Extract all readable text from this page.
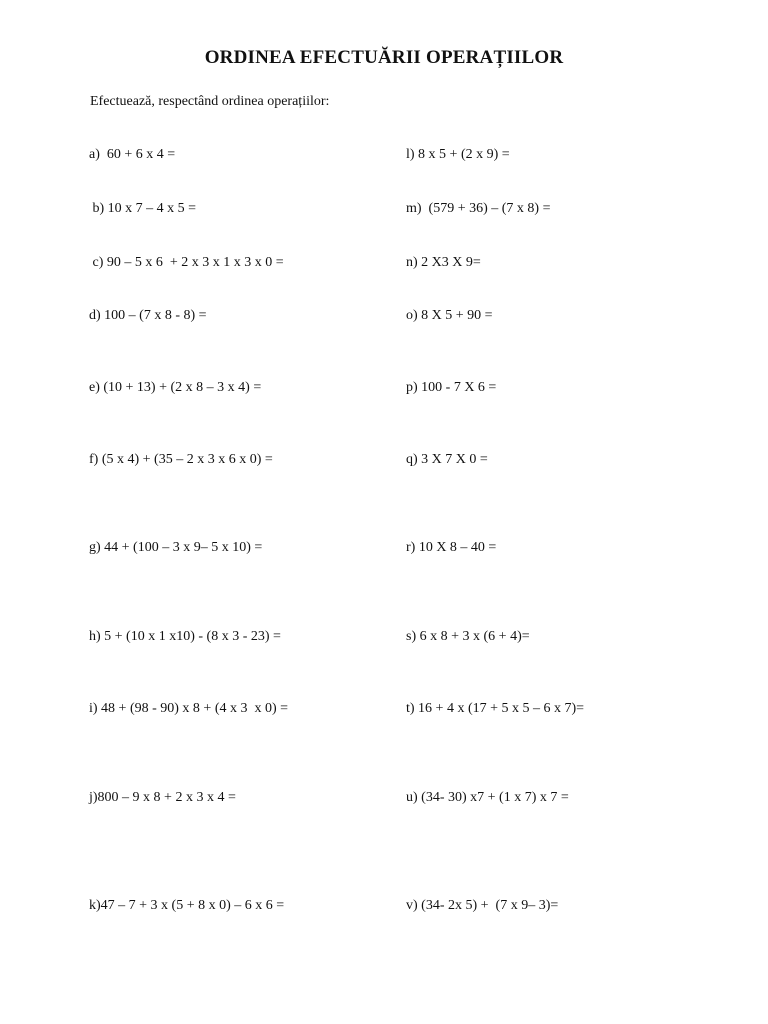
ORDINEA EFECTUĂRII OPERAȚIILOR
Efectuează, respectând ordinea operațiilor:
a)  60 + 6 x 4 =
b) 10 x 7 – 4 x 5 =
c) 90 – 5 x 6  + 2 x 3 x 1 x 3 x 0 =
d) 100 – (7 x 8 - 8) =
e) (10 + 13) + (2 x 8 – 3 x 4) =
f) (5 x 4) + (35 – 2 x 3 x 6 x 0) =
g) 44 + (100 – 3 x 9– 5 x 10) =
h) 5 + (10 x 1 x10) - (8 x 3 - 23) =
i) 48 + (98 - 90) x 8 + (4 x 3  x 0) =
j)800 – 9 x 8 + 2 x 3 x 4 =
k)47 – 7 + 3 x (5 + 8 x 0) – 6 x 6 =
l) 8 x 5 + (2 x 9) =
m)  (579 + 36) – (7 x 8) =
n) 2 X3 X 9=
o) 8 X 5 + 90 =
p) 100 - 7 X 6 =
q) 3 X 7 X 0 =
r) 10 X 8 – 40 =
s) 6 x 8 + 3 x (6 + 4)=
t) 16 + 4 x (17 + 5 x 5 – 6 x 7)=
u) (34- 30) x7 + (1 x 7) x 7 =
v) (34- 2x 5) +  (7 x 9– 3)=
